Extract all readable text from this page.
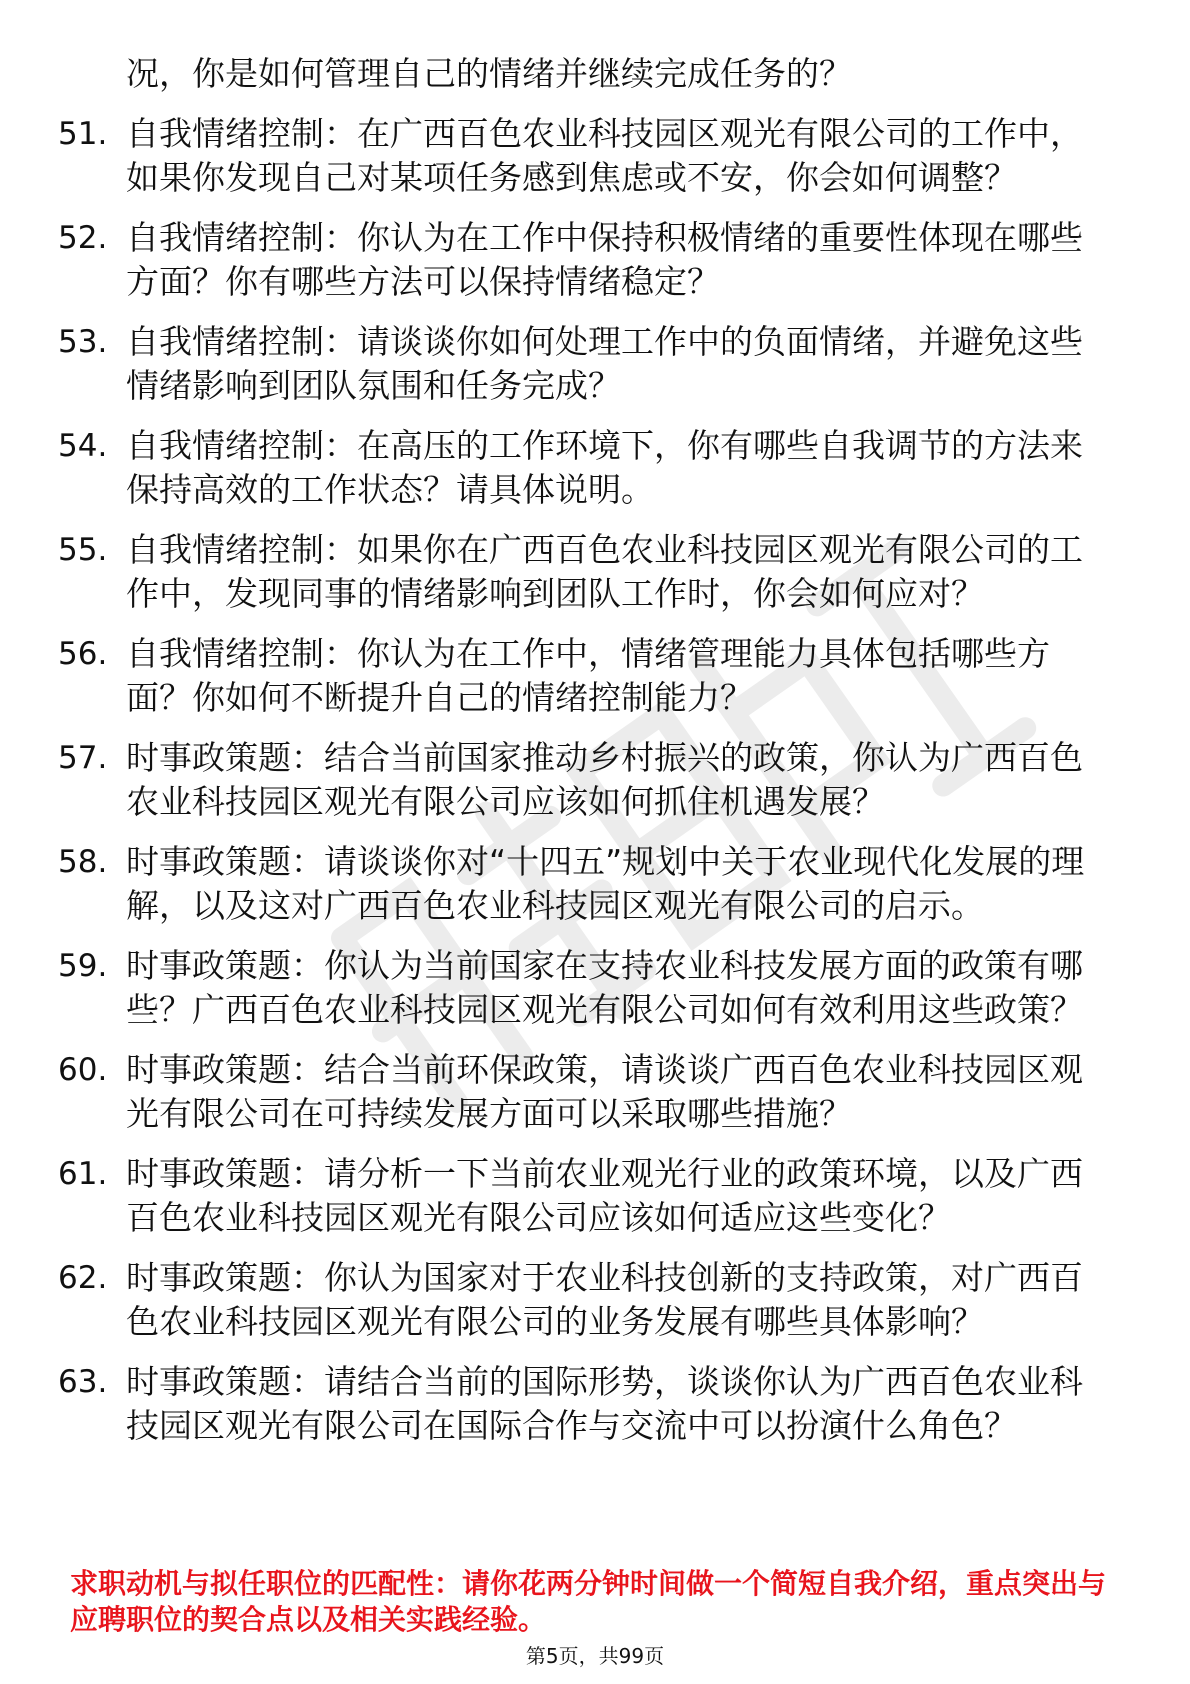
况，你是如何管理自己的情绪并继续完成任务的？
51. 自我情绪控制：在广西百色农业科技园区观光有限公司的工作中，如果你发现自己对某项任务感到焦虑或不安，你会如何调整？
52. 自我情绪控制：你认为在工作中保持积极情绪的重要性体现在哪些方面？你有哪些方法可以保持情绪稳定？
53. 自我情绪控制：请谈谈你如何处理工作中的负面情绪，并避免这些情绪影响到团队氛围和任务完成？
54. 自我情绪控制：在高压的工作环境下，你有哪些自我调节的方法来保持高效的工作状态？请具体说明。
55. 自我情绪控制：如果你在广西百色农业科技园区观光有限公司的工作中，发现同事的情绪影响到团队工作时，你会如何应对？
56. 自我情绪控制：你认为在工作中，情绪管理能力具体包括哪些方面？你如何不断提升自己的情绪控制能力？
57. 时事政策题：结合当前国家推动乡村振兴的政策，你认为广西百色农业科技园区观光有限公司应该如何抓住机遇发展？
58. 时事政策题：请谈谈你对“十四五”规划中关于农业现代化发展的理解，以及这对广西百色农业科技园区观光有限公司的启示。
59. 时事政策题：你认为当前国家在支持农业科技发展方面的政策有哪些？广西百色农业科技园区观光有限公司如何有效利用这些政策？
60. 时事政策题：结合当前环保政策，请谈谈广西百色农业科技园区观光有限公司在可持续发展方面可以采取哪些措施？
61. 时事政策题：请分析一下当前农业观光行业的政策环境，以及广西百色农业科技园区观光有限公司应该如何适应这些变化？
62. 时事政策题：你认为国家对于农业科技创新的支持政策，对广西百色农业科技园区观光有限公司的业务发展有哪些具体影响？
63. 时事政策题：请结合当前的国际形势，谈谈你认为广西百色农业科技园区观光有限公司在国际合作与交流中可以扮演什么角色？
求职动机与拟任职位的匹配性：请你花两分钟时间做一个简短自我介绍，重点突出与应聘职位的契合点以及相关实践经验。
第5页，共99页
